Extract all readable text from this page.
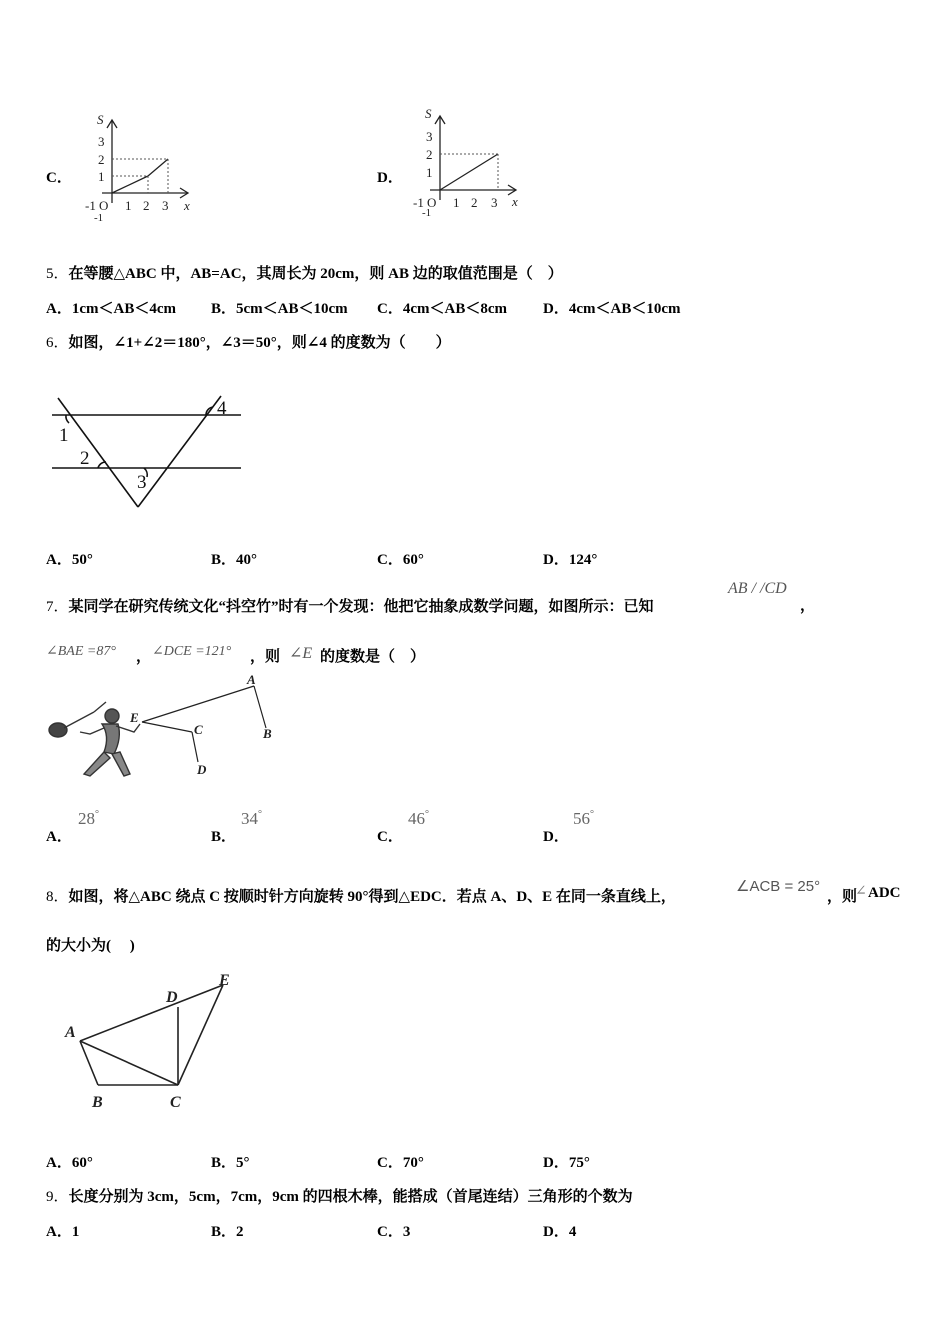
C．
S
x
3
2
1
-1 O 1 2 3
-1
D．
S
x
3
2
1
-1 O 1 2 3
-1
5．在等腰△ABC 中，AB=AC，其周长为 20cm，则 AB 边的取值范围是（　）
A．1cm＜AB＜4cm B．5cm＜AB＜10cm C．4cm＜AB＜8cm D．4cm＜AB＜10cm
6．如图，∠1+∠2＝180°，∠3＝50°，则∠4 的度数为（　　）
1
2
3
4
A．50°	B．40°	C．60°	D．124°
7．某同学在研究传统文化“抖空竹”时有一个发现：他把它抽象成数学问题，如图所示：已知
AB / /CD
，
∠BAE =87° ， ∠DCE =121° ，则 ∠E 的度数是（　）
A
B
C
D
E
A．
28°
B．
34°
C．
46°
D．
56°
8．如图，将△ABC 绕点 C 按顺时针方向旋转 90°得到△EDC．若点 A、D、E 在同一条直线上，
∠ACB = 25°
，则
∠ ADC
的大小为(　 )
A
B	C
D
E
A．60°	B．5°	C．70°	D．75°
9．长度分别为 3cm，5cm，7cm，9cm 的四根木棒，能搭成（首尾连结）三角形的个数为
A．1	B．2	C．3	D．4
